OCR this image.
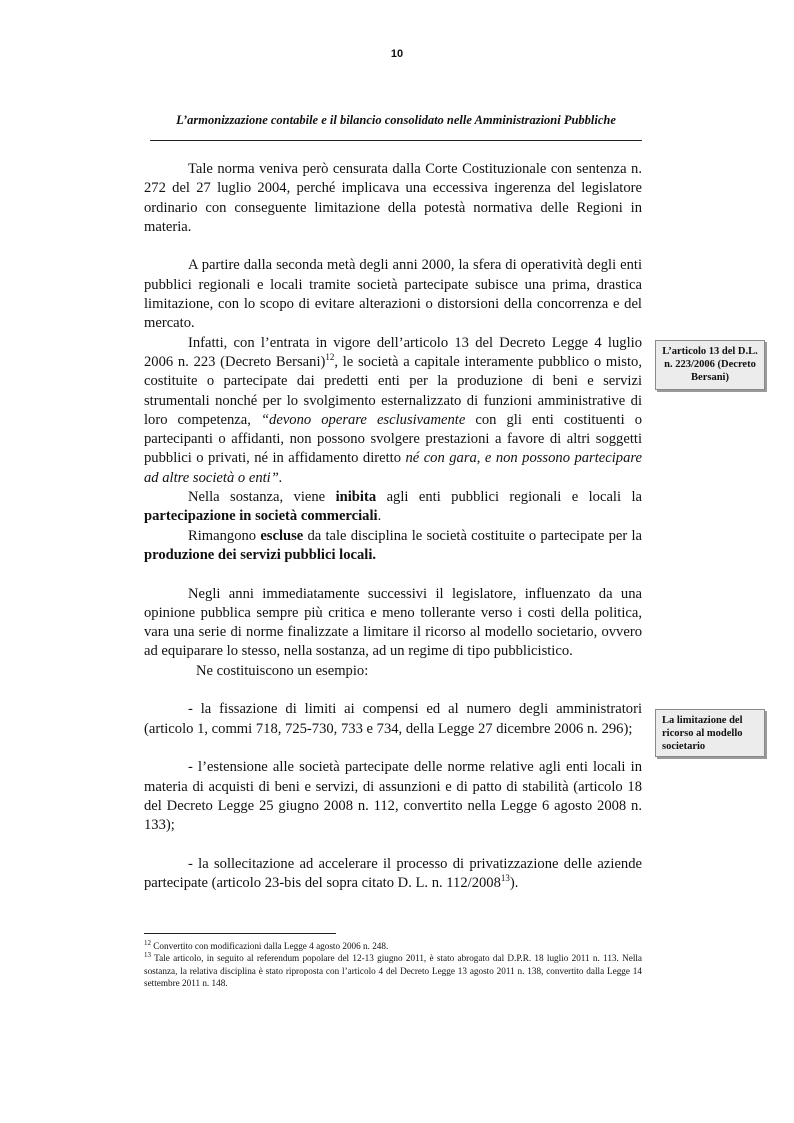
10
L’armonizzazione contabile e il bilancio consolidato nelle Amministrazioni Pubbliche

Tale norma veniva però censurata dalla Corte Costituzionale con sentenza n. 272 del 27 luglio 2004, perché implicava una eccessiva ingerenza del legislatore ordinario con conseguente limitazione della potestà normativa delle Regioni in materia.

A partire dalla seconda metà degli anni 2000, la sfera di operatività degli enti pubblici regionali e locali tramite società partecipate subisce una prima, drastica limitazione, con lo scopo di evitare alterazioni o distorsioni della concorrenza e del mercato.

Infatti, con l’entrata in vigore dell’articolo 13 del Decreto Legge 4 luglio 2006 n. 223 (Decreto Bersani)$^{12}$, le società a capitale interamente pubblico o misto, costituite o partecipate dai predetti enti per la produzione di beni e servizi strumentali nonché per lo svolgimento esternalizzato di funzioni amministrative di loro competenza, “devono operare esclusivamente con gli enti costituenti o partecipanti o affidanti, non possono svolgere prestazioni a favore di altri soggetti pubblici o privati, né in affidamento diretto né con gara, e non possono partecipare ad altre società o enti”.

Nella sostanza, viene inibita agli enti pubblici regionali e locali la partecipazione in società commerciali.

Rimangono escluse da tale disciplina le società costituite o partecipate per la produzione dei servizi pubblici locali.

Negli anni immediatamente successivi il legislatore, influenzato da una opinione pubblica sempre più critica e meno tollerante verso i costi della politica, vara una serie di norme finalizzate a limitare il ricorso al modello societario, ovvero ad equiparare lo stesso, nella sostanza, ad un regime di tipo pubblicistico.

Ne costituiscono un esempio:

- la fissazione di limiti ai compensi ed al numero degli amministratori (articolo 1, commi 718, 725-730, 733 e 734, della Legge 27 dicembre 2006 n. 296);

- l’estensione alle società partecipate delle norme relative agli enti locali in materia di acquisti di beni e servizi, di assunzioni e di patto di stabilità (articolo 18 del Decreto Legge 25 giugno 2008 n. 112, convertito nella Legge 6 agosto 2008 n. 133);

- la sollecitazione ad accelerare il processo di privatizzazione delle aziende partecipate (articolo 23-bis del sopra citato D. L. n. 112/2008$^{13}$).

L’articolo 13 del D.L. n. 223/2006 (Decreto Bersani)
La limitazione del ricorso al modello societario

$^{12}$ Convertito con modificazioni dalla Legge 4 agosto 2006 n. 248.

$^{13}$ Tale articolo, in seguito al referendum popolare del 12-13 giugno 2011, è stato abrogato dal D.P.R. 18 luglio 2011 n. 113. Nella sostanza, la relativa disciplina è stato riproposta con l’articolo 4 del Decreto Legge 13 agosto 2011 n. 138, convertito dalla Legge 14 settembre 2011 n. 148.
